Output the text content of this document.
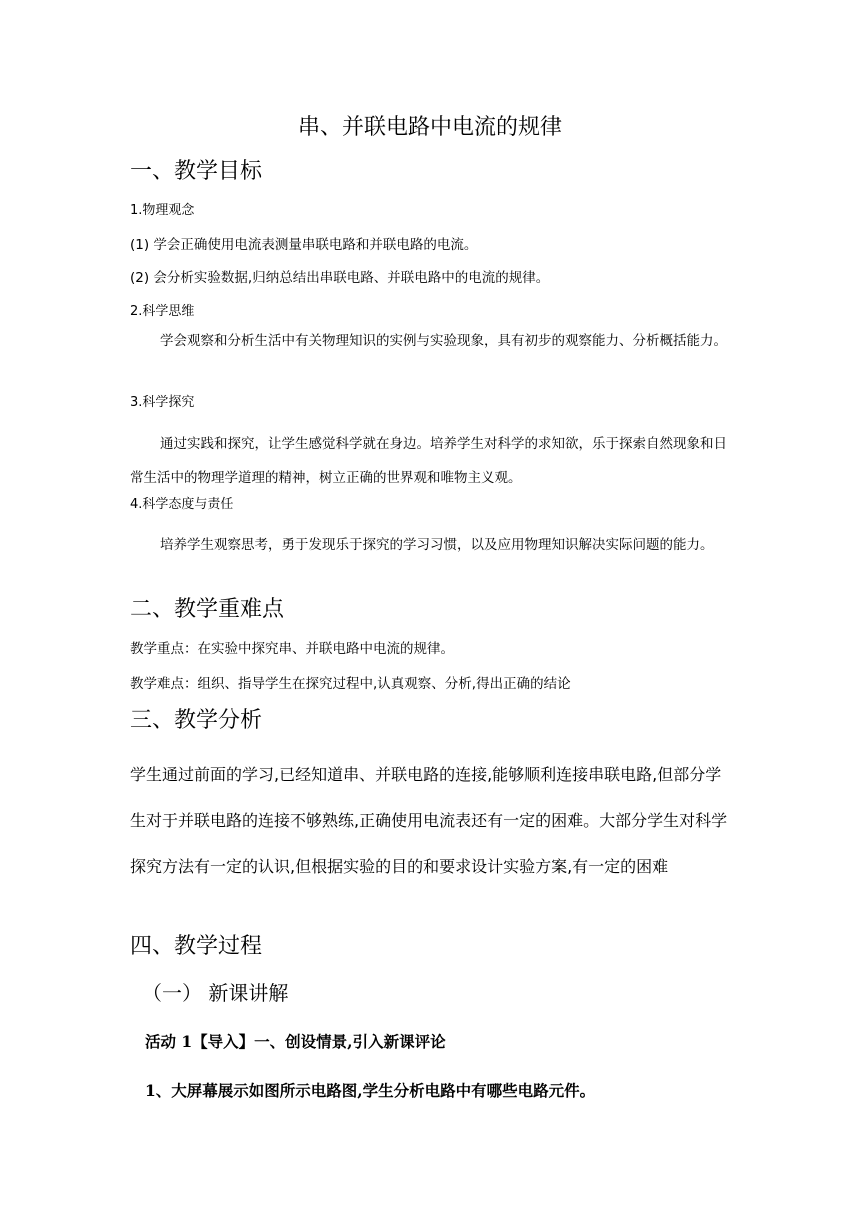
串、并联电路中电流的规律
一、教学目标
1.物理观念
(1) 学会正确使用电流表测量串联电路和并联电路的电流。
(2) 会分析实验数据,归纳总结出串联电路、并联电路中的电流的规律。
2.科学思维
学会观察和分析生活中有关物理知识的实例与实验现象，具有初步的观察能力、分析概括能力。
3.科学探究
通过实践和探究，让学生感觉科学就在身边。培养学生对科学的求知欲，乐于探索自然现象和日常生活中的物理学道理的精神，树立正确的世界观和唯物主义观。
4.科学态度与责任
培养学生观察思考，勇于发现乐于探究的学习习惯，以及应用物理知识解决实际问题的能力。
二、教学重难点
教学重点：在实验中探究串、并联电路中电流的规律。
教学难点：组织、指导学生在探究过程中,认真观察、分析,得出正确的结论
三、教学分析
学生通过前面的学习,已经知道串、并联电路的连接,能够顺利连接串联电路,但部分学生对于并联电路的连接不够熟练,正确使用电流表还有一定的困难。大部分学生对科学探究方法有一定的认识,但根据实验的目的和要求设计实验方案,有一定的困难
四、教学过程
（一） 新课讲解
活动 1【导入】一、创设情景,引入新课评论
1、大屏幕展示如图所示电路图,学生分析电路中有哪些电路元件。
